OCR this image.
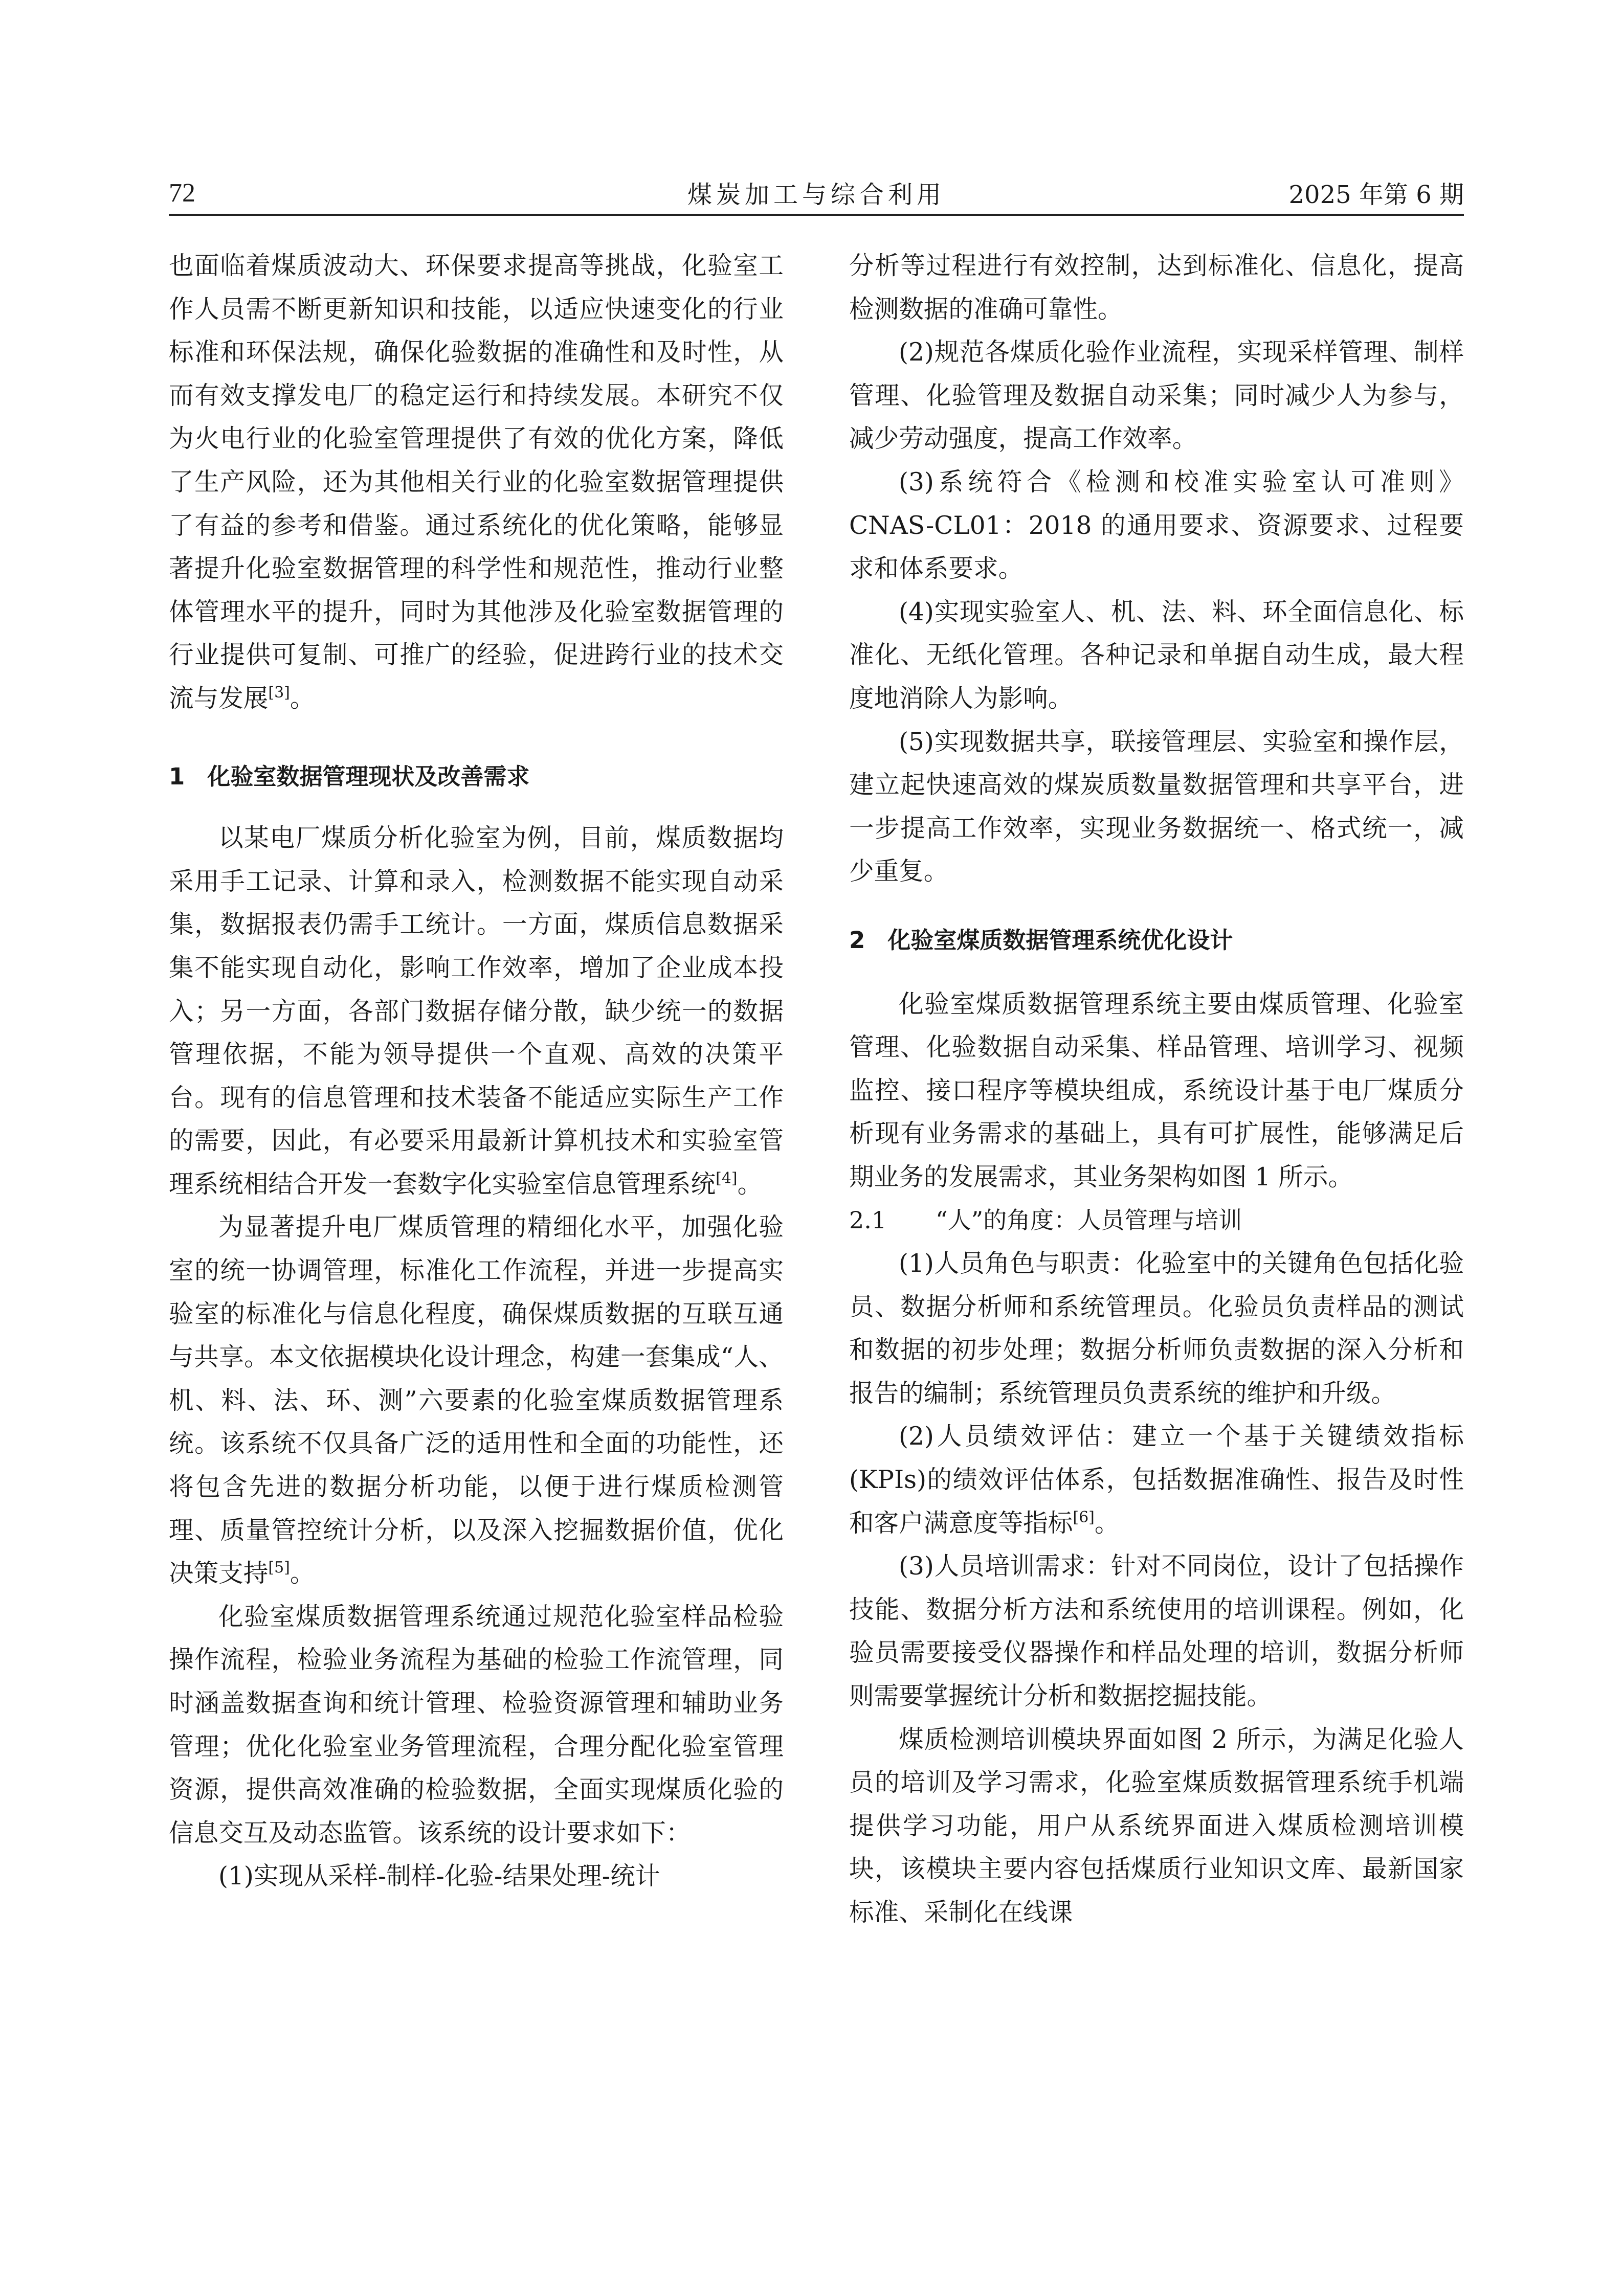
72	煤炭加工与综合利用	2025 年第 6 期

也面临着煤质波动大、环保要求提高等挑战，化验室工作人员需不断更新知识和技能，以适应快速变化的行业标准和环保法规，确保化验数据的准确性和及时性，从而有效支撑发电厂的稳定运行和持续发展。本研究不仅为火电行业的化验室管理提供了有效的优化方案，降低了生产风险，还为其他相关行业的化验室数据管理提供了有益的参考和借鉴。通过系统化的优化策略，能够显著提升化验室数据管理的科学性和规范性，推动行业整体管理水平的提升，同时为其他涉及化验室数据管理的行业提供可复制、可推广的经验，促进跨行业的技术交流与发展[3]。

1 化验室数据管理现状及改善需求

以某电厂煤质分析化验室为例，目前，煤质数据均采用手工记录、计算和录入，检测数据不能实现自动采集，数据报表仍需手工统计。一方面，煤质信息数据采集不能实现自动化，影响工作效率，增加了企业成本投入；另一方面，各部门数据存储分散，缺少统一的数据管理依据，不能为领导提供一个直观、高效的决策平台。现有的信息管理和技术装备不能适应实际生产工作的需要，因此，有必要采用最新计算机技术和实验室管理系统相结合开发一套数字化实验室信息管理系统[4]。

为显著提升电厂煤质管理的精细化水平，加强化验室的统一协调管理，标准化工作流程，并进一步提高实验室的标准化与信息化程度，确保煤质数据的互联互通与共享。本文依据模块化设计理念，构建一套集成“人、机、料、法、环、测”六要素的化验室煤质数据管理系统。该系统不仅具备广泛的适用性和全面的功能性，还将包含先进的数据分析功能，以便于进行煤质检测管理、质量管控统计分析，以及深入挖掘数据价值，优化决策支持[5]。

化验室煤质数据管理系统通过规范化验室样品检验操作流程，检验业务流程为基础的检验工作流管理，同时涵盖数据查询和统计管理、检验资源管理和辅助业务管理；优化化验室业务管理流程，合理分配化验室管理资源，提供高效准确的检验数据，全面实现煤质化验的信息交互及动态监管。该系统的设计要求如下：

(1)实现从采样-制样-化验-结果处理-统计

分析等过程进行有效控制，达到标准化、信息化，提高检测数据的准确可靠性。

(2)规范各煤质化验作业流程，实现采样管理、制样管理、化验管理及数据自动采集；同时减少人为参与，减少劳动强度，提高工作效率。

(3)系统符合《检测和校准实验室认可准则》CNAS-CL01：2018 的通用要求、资源要求、过程要求和体系要求。

(4)实现实验室人、机、法、料、环全面信息化、标准化、无纸化管理。各种记录和单据自动生成，最大程度地消除人为影响。

(5)实现数据共享，联接管理层、实验室和操作层，建立起快速高效的煤炭质数量数据管理和共享平台，进一步提高工作效率，实现业务数据统一、格式统一，减少重复。

2 化验室煤质数据管理系统优化设计

化验室煤质数据管理系统主要由煤质管理、化验室管理、化验数据自动采集、样品管理、培训学习、视频监控、接口程序等模块组成，系统设计基于电厂煤质分析现有业务需求的基础上，具有可扩展性，能够满足后期业务的发展需求，其业务架构如图 1 所示。

2.1 “人”的角度：人员管理与培训

(1)人员角色与职责：化验室中的关键角色包括化验员、数据分析师和系统管理员。化验员负责样品的测试和数据的初步处理；数据分析师负责数据的深入分析和报告的编制；系统管理员负责系统的维护和升级。

(2)人员绩效评估：建立一个基于关键绩效指标(KPIs)的绩效评估体系，包括数据准确性、报告及时性和客户满意度等指标[6]。

(3)人员培训需求：针对不同岗位，设计了包括操作技能、数据分析方法和系统使用的培训课程。例如，化验员需要接受仪器操作和样品处理的培训，数据分析师则需要掌握统计分析和数据挖掘技能。

煤质检测培训模块界面如图 2 所示，为满足化验人员的培训及学习需求，化验室煤质数据管理系统手机端提供学习功能，用户从系统界面进入煤质检测培训模块，该模块主要内容包括煤质行业知识文库、最新国家标准、采制化在线课
